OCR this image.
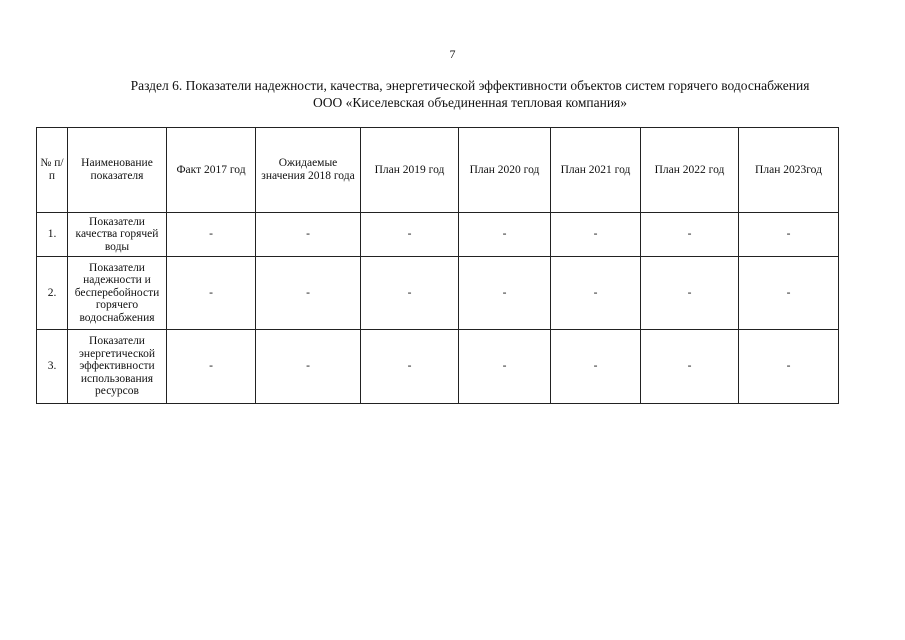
7
Раздел 6. Показатели надежности, качества, энергетической эффективности объектов систем горячего водоснабжения
ООО «Киселевская объединенная тепловая компания»
№ п/п	Наименование показателя	Факт 2017 год	Ожидаемые значения 2018 года	План 2019 год	План 2020 год	План 2021 год	План 2022 год	План 2023год
1.	Показатели качества горячей воды	-	-	-	-	-	-	-
2.	Показатели надежности и бесперебойности горячего водоснабжения	-	-	-	-	-	-	-
3.	Показатели энергетической эффективности использования ресурсов	-	-	-	-	-	-	-
